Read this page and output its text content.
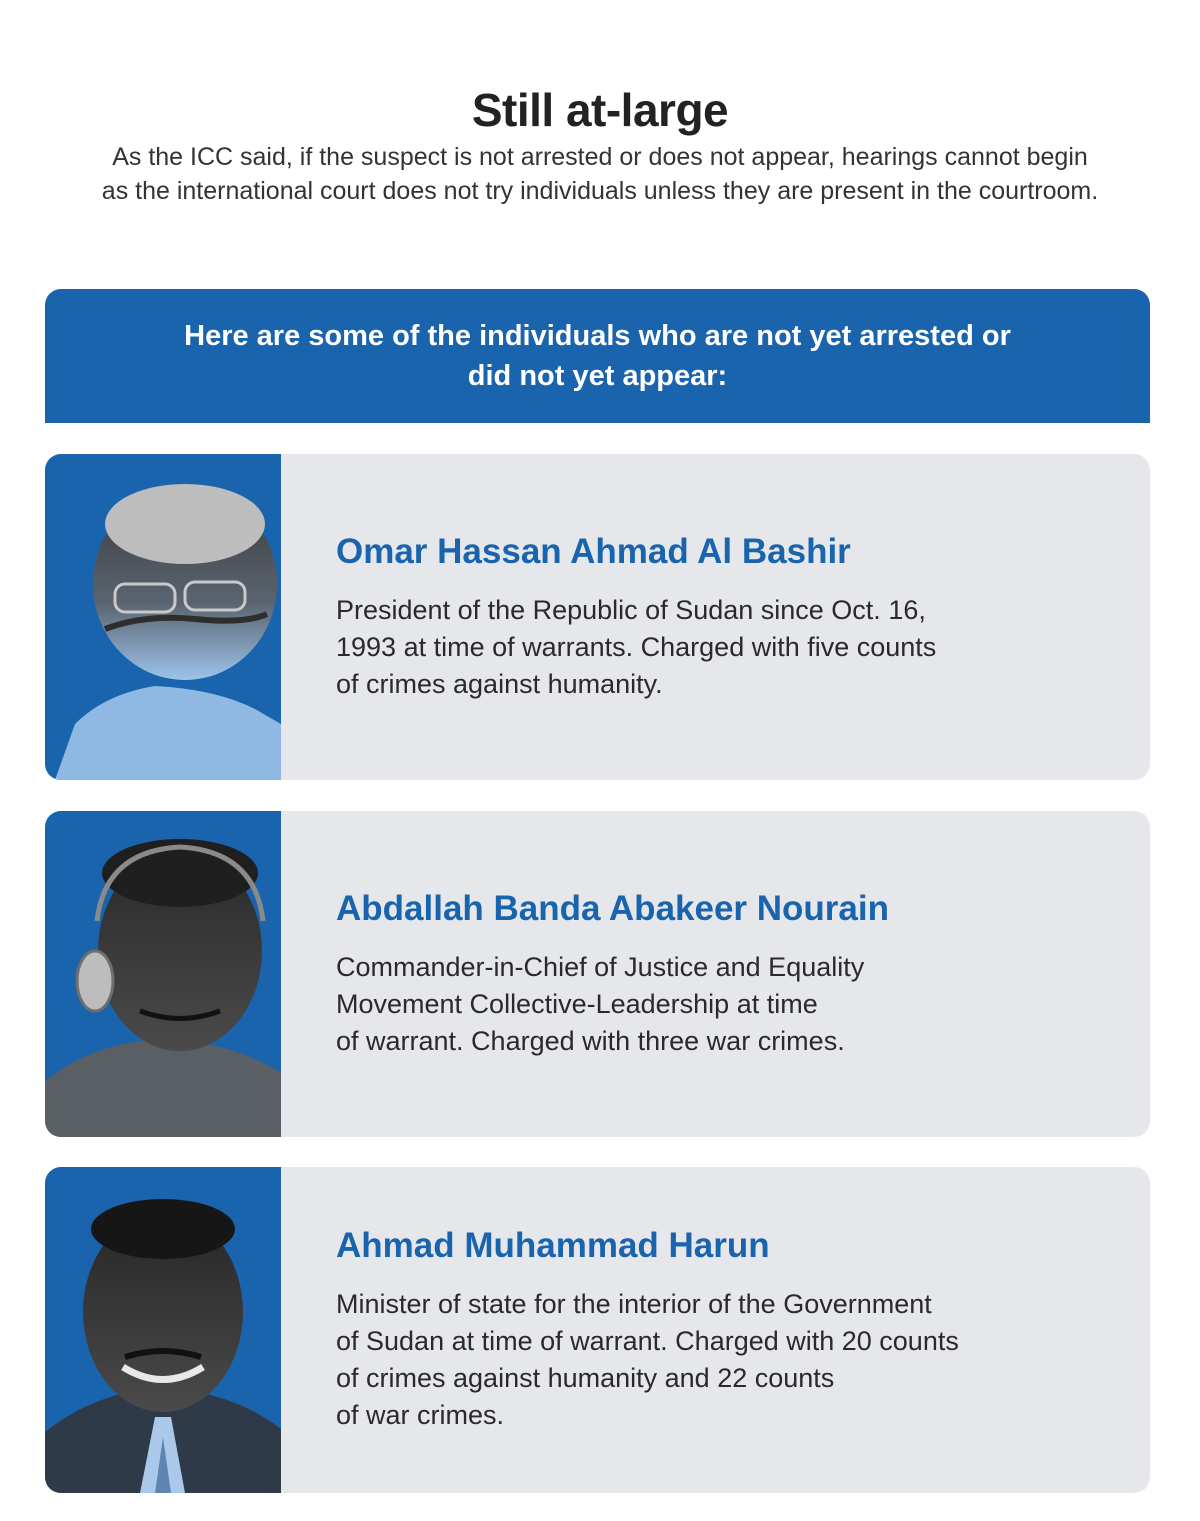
Still at-large
As the ICC said, if the suspect is not arrested or does not appear, hearings cannot begin as the international court does not try individuals unless they are present in the courtroom.
Here are some of the individuals who are not yet arrested or did not yet appear:
Omar Hassan Ahmad Al Bashir
President of the Republic of Sudan since Oct. 16,
1993 at time of warrants. Charged with five counts
of crimes against humanity.
Abdallah Banda Abakeer Nourain
Commander-in-Chief of Justice and Equality
Movement Collective-Leadership at time
of warrant. Charged with three war crimes.
Ahmad Muhammad Harun
Minister of state for the interior of the Government
of Sudan at time of warrant. Charged with 20 counts
of crimes against humanity and 22 counts
of war crimes.
